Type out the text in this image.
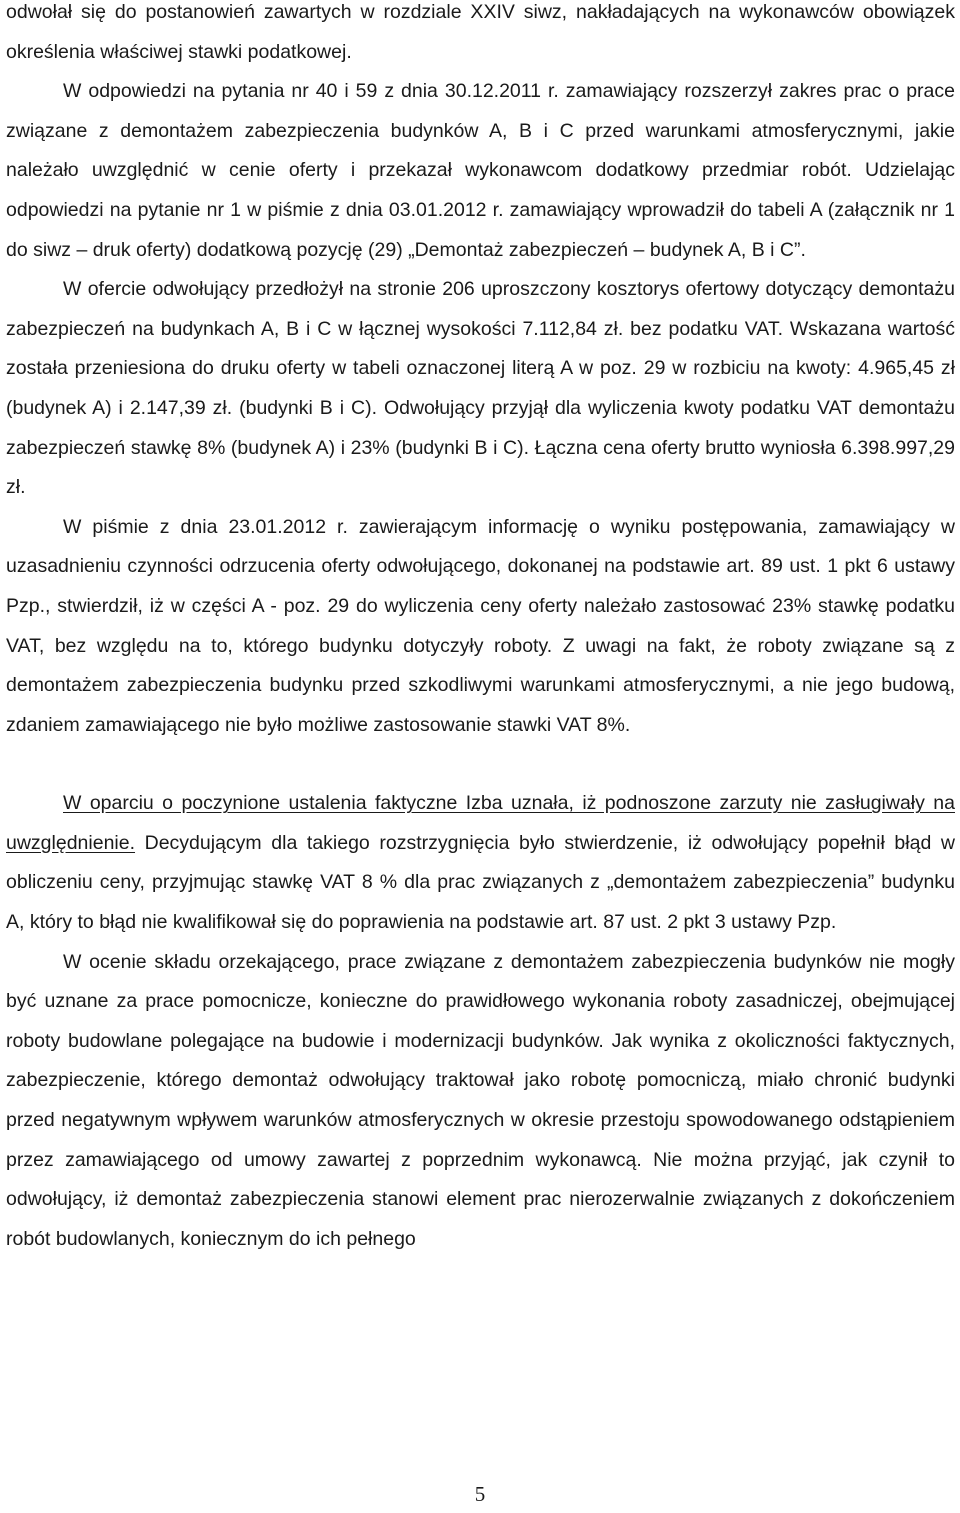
odwołał się do postanowień zawartych w rozdziale XXIV siwz, nakładających na wykonawców obowiązek określenia właściwej stawki podatkowej.

W odpowiedzi na pytania nr 40 i 59 z dnia 30.12.2011 r. zamawiający rozszerzył zakres prac o prace związane z demontażem zabezpieczenia budynków A, B i C przed warunkami atmosferycznymi, jakie należało uwzględnić w cenie oferty i przekazał wykonawcom dodatkowy przedmiar robót. Udzielając odpowiedzi na pytanie nr 1 w piśmie z dnia 03.01.2012 r. zamawiający wprowadził do tabeli A (załącznik nr 1 do siwz – druk oferty) dodatkową pozycję (29) „Demontaż zabezpieczeń – budynek A, B i C”.

W ofercie odwołujący przedłożył na stronie 206 uproszczony kosztorys ofertowy dotyczący demontażu zabezpieczeń na budynkach A, B i C w łącznej wysokości 7.112,84 zł. bez podatku VAT. Wskazana wartość została przeniesiona do druku oferty w tabeli oznaczonej literą A w poz. 29 w rozbiciu na kwoty: 4.965,45 zł (budynek A) i 2.147,39 zł. (budynki B i C). Odwołujący przyjął dla wyliczenia kwoty podatku VAT demontażu zabezpieczeń stawkę 8% (budynek A) i 23% (budynki B i C). Łączna cena oferty brutto wyniosła 6.398.997,29 zł.

W piśmie z dnia 23.01.2012 r. zawierającym informację o wyniku postępowania, zamawiający w uzasadnieniu czynności odrzucenia oferty odwołującego, dokonanej na podstawie art. 89 ust. 1 pkt 6 ustawy Pzp., stwierdził, iż w części A - poz. 29 do wyliczenia ceny oferty należało zastosować 23% stawkę podatku VAT, bez względu na to, którego budynku dotyczyły roboty. Z uwagi na fakt, że roboty związane są z demontażem zabezpieczenia budynku przed szkodliwymi warunkami atmosferycznymi, a nie jego budową, zdaniem zamawiającego nie było możliwe zastosowanie stawki VAT 8%.

W oparciu o poczynione ustalenia faktyczne Izba uznała, iż podnoszone zarzuty nie zasługiwały na uwzględnienie. Decydującym dla takiego rozstrzygnięcia było stwierdzenie, iż odwołujący popełnił błąd w obliczeniu ceny, przyjmując stawkę VAT 8 % dla prac związanych z „demontażem zabezpieczenia” budynku A, który to błąd nie kwalifikował się do poprawienia na podstawie art. 87 ust. 2 pkt 3 ustawy Pzp.

W ocenie składu orzekającego, prace związane z demontażem zabezpieczenia budynków nie mogły być uznane za prace pomocnicze, konieczne do prawidłowego wykonania roboty zasadniczej, obejmującej roboty budowlane polegające na budowie i modernizacji budynków. Jak wynika z okoliczności faktycznych, zabezpieczenie, którego demontaż odwołujący traktował jako robotę pomocniczą, miało chronić budynki przed negatywnym wpływem warunków atmosferycznych w okresie przestoju spowodowanego odstąpieniem przez zamawiającego od umowy zawartej z poprzednim wykonawcą. Nie można przyjąć, jak czynił to odwołujący, iż demontaż zabezpieczenia stanowi element prac nierozerwalnie związanych z dokończeniem robót budowlanych, koniecznym do ich pełnego

5
